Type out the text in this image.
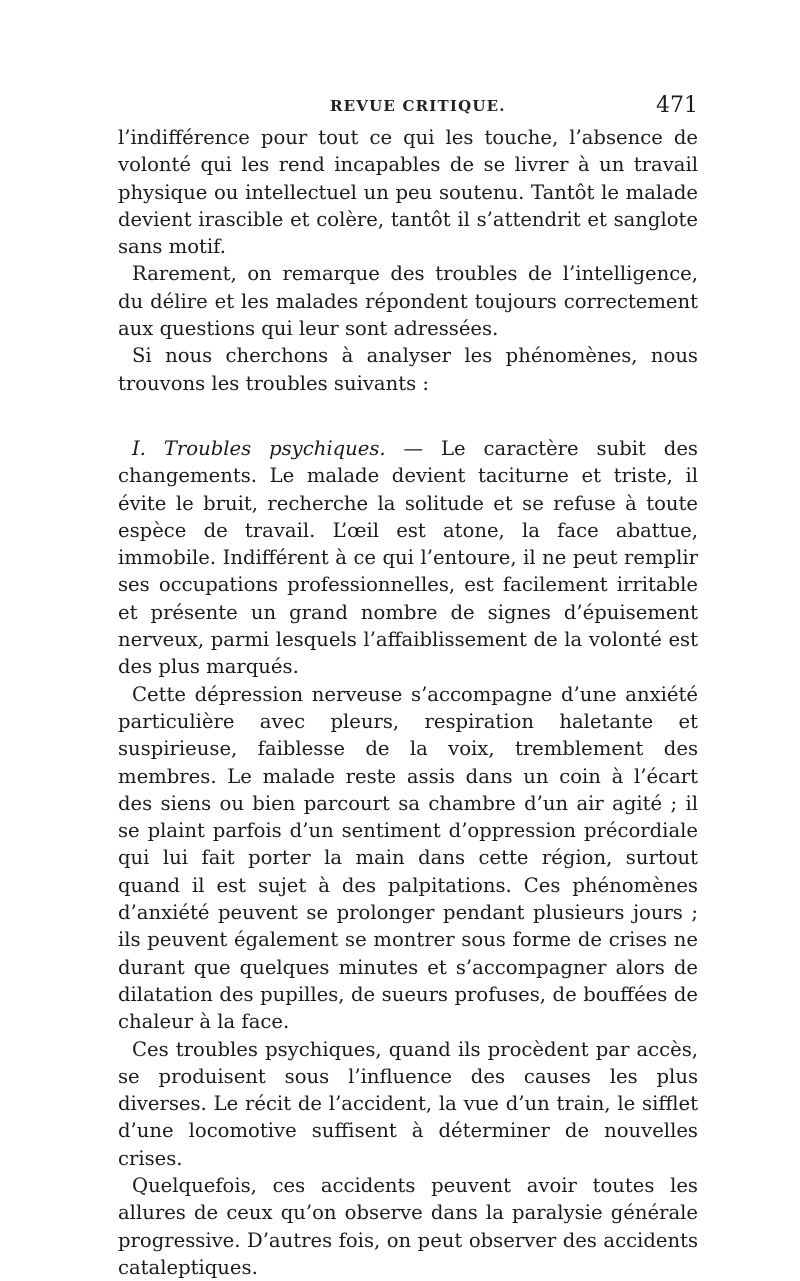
REVUE CRITIQUE.	471

l’indifférence pour tout ce qui les touche, l’absence de volonté qui les rend incapables de se livrer à un travail physique ou intellectuel un peu soutenu. Tantôt le malade devient irascible et colère, tantôt il s’attendrit et sanglote sans motif.

Rarement, on remarque des troubles de l’intelligence, du délire et les malades répondent toujours correctement aux questions qui leur sont adressées.

Si nous cherchons à analyser les phénomènes, nous trouvons les troubles suivants :

I. Troubles psychiques. — Le caractère subit des changements. Le malade devient taciturne et triste, il évite le bruit, recherche la solitude et se refuse à toute espèce de travail. L’œil est atone, la face abattue, immobile. Indifférent à ce qui l’entoure, il ne peut remplir ses occupations professionnelles, est facilement irritable et présente un grand nombre de signes d’épuisement nerveux, parmi lesquels l’affaiblissement de la volonté est des plus marqués.

Cette dépression nerveuse s’accompagne d’une anxiété particulière avec pleurs, respiration haletante et suspirieuse, faiblesse de la voix, tremblement des membres. Le malade reste assis dans un coin à l’écart des siens ou bien parcourt sa chambre d’un air agité ; il se plaint parfois d’un sentiment d’oppression précordiale qui lui fait porter la main dans cette région, surtout quand il est sujet à des palpitations. Ces phénomènes d’anxiété peuvent se prolonger pendant plusieurs jours ; ils peuvent également se montrer sous forme de crises ne durant que quelques minutes et s’accompagner alors de dilatation des pupilles, de sueurs profuses, de bouffées de chaleur à la face.

Ces troubles psychiques, quand ils procèdent par accès, se produisent sous l’influence des causes les plus diverses. Le récit de l’accident, la vue d’un train, le sifflet d’une locomotive suffisent à déterminer de nouvelles crises.

Quelquefois, ces accidents peuvent avoir toutes les allures de ceux qu’on observe dans la paralysie générale progressive. D’autres fois, on peut observer des accidents cataleptiques.
